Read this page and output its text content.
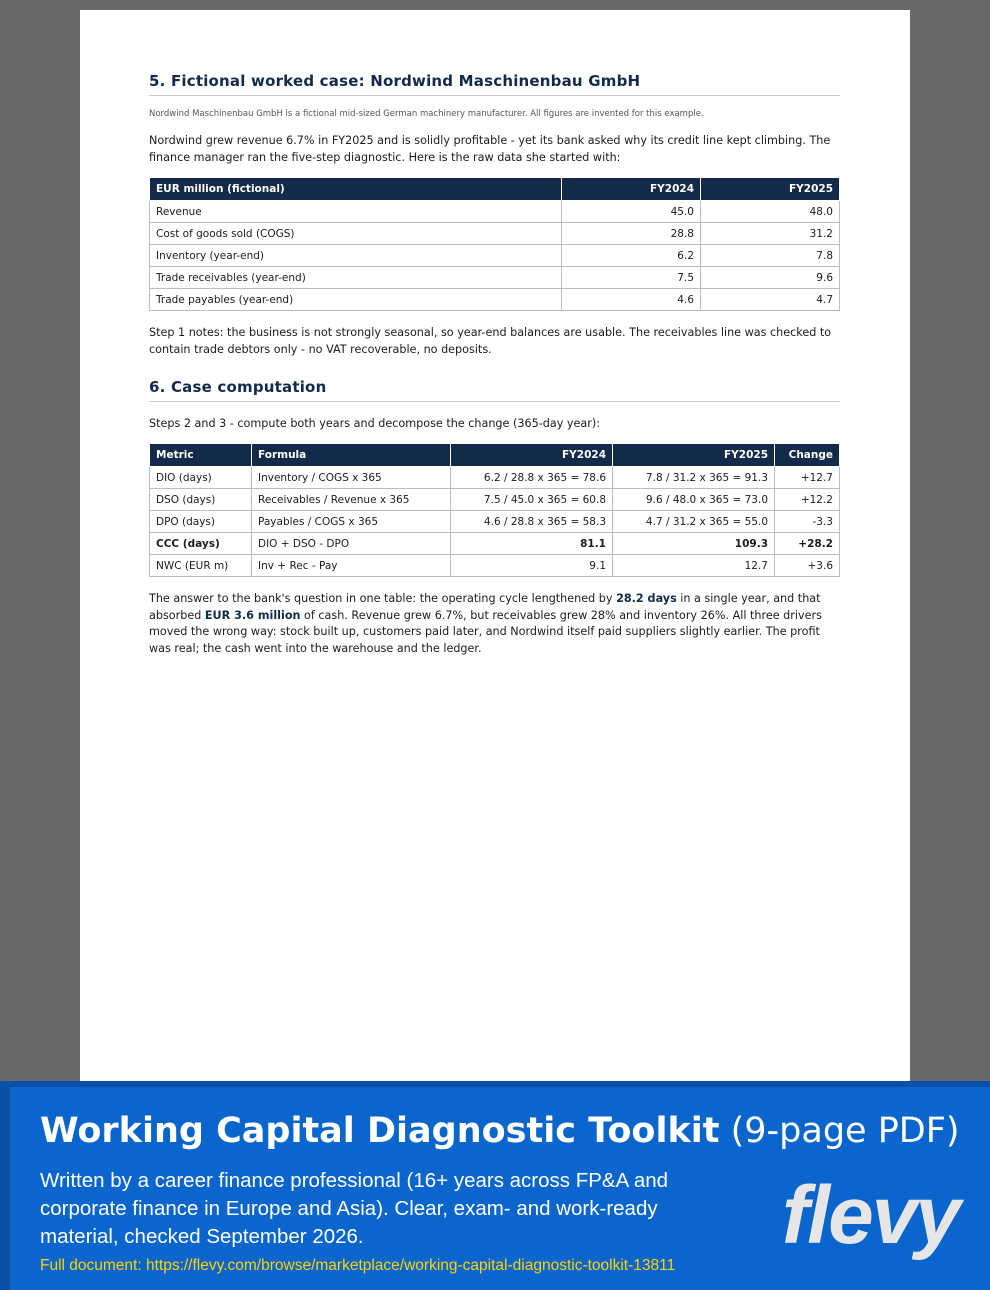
5. Fictional worked case: Nordwind Maschinenbau GmbH
Nordwind Maschinenbau GmbH is a fictional mid-sized German machinery manufacturer. All figures are invented for this example.

Nordwind grew revenue 6.7% in FY2025 and is solidly profitable - yet its bank asked why its credit line kept climbing. The finance manager ran the five-step diagnostic. Here is the raw data she started with:

EUR million (fictional)	FY2024	FY2025
Revenue	45.0	48.0
Cost of goods sold (COGS)	28.8	31.2
Inventory (year-end)	6.2	7.8
Trade receivables (year-end)	7.5	9.6
Trade payables (year-end)	4.6	4.7

Step 1 notes: the business is not strongly seasonal, so year-end balances are usable. The receivables line was checked to contain trade debtors only - no VAT recoverable, no deposits.

6. Case computation

Steps 2 and 3 - compute both years and decompose the change (365-day year):

Metric	Formula	FY2024	FY2025	Change
DIO (days)	Inventory / COGS x 365	6.2 / 28.8 x 365 = 78.6	7.8 / 31.2 x 365 = 91.3	+12.7
DSO (days)	Receivables / Revenue x 365	7.5 / 45.0 x 365 = 60.8	9.6 / 48.0 x 365 = 73.0	+12.2
DPO (days)	Payables / COGS x 365	4.6 / 28.8 x 365 = 58.3	4.7 / 31.2 x 365 = 55.0	-3.3
CCC (days)	DIO + DSO - DPO	81.1	109.3	+28.2
NWC (EUR m)	Inv + Rec - Pay	9.1	12.7	+3.6

The answer to the bank's question in one table: the operating cycle lengthened by 28.2 days in a single year, and that absorbed EUR 3.6 million of cash. Revenue grew 6.7%, but receivables grew 28% and inventory 26%. All three drivers moved the wrong way: stock built up, customers paid later, and Nordwind itself paid suppliers slightly earlier. The profit was real; the cash went into the warehouse and the ledger.

Working Capital Diagnostic Toolkit (9-page PDF)
Written by a career finance professional (16+ years across FP&A and corporate finance in Europe and Asia). Clear, exam- and work-ready material, checked September 2026.
Full document: https://flevy.com/browse/marketplace/working-capital-diagnostic-toolkit-13811
flevy
